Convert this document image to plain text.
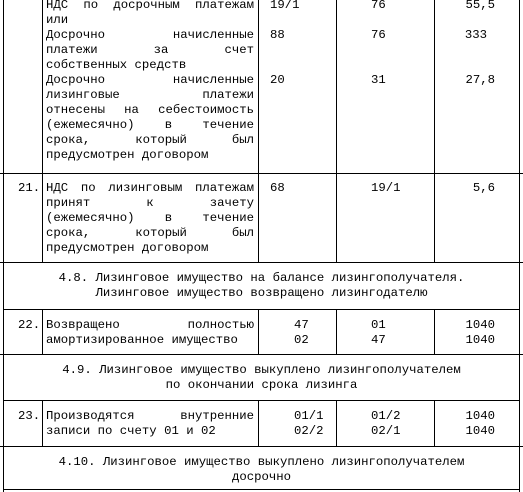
НДС по досрочным платежам
или
Досрочно начисленные
платежи за счет
собственных средств
Досрочно начисленные
лизинговые платежи
отнесены на себестоимость
(ежемесячно) в течение
срока, который был
предусмотрен договором
19/1
88
20
76
76
31
55,5
333
27,8
21. НДС по лизинговым платежам
принят к зачету
(ежемесячно) в течение
срока, который был
предусмотрен договором
68	19/1	5,6
4.8. Лизинговое имущество на балансе лизингополучателя.
Лизинговое имущество возвращено лизингодателю
22. Возвращено полностью
амортизированное имущество
47
02
01
47
1040
1040
4.9. Лизинговое имущество выкуплено лизингополучателем
по окончании срока лизинга
23. Производятся внутренние
записи по счету 01 и 02
01/1
02/2
01/2
02/1
1040
1040
4.10. Лизинговое имущество выкуплено лизингополучателем
досрочно
